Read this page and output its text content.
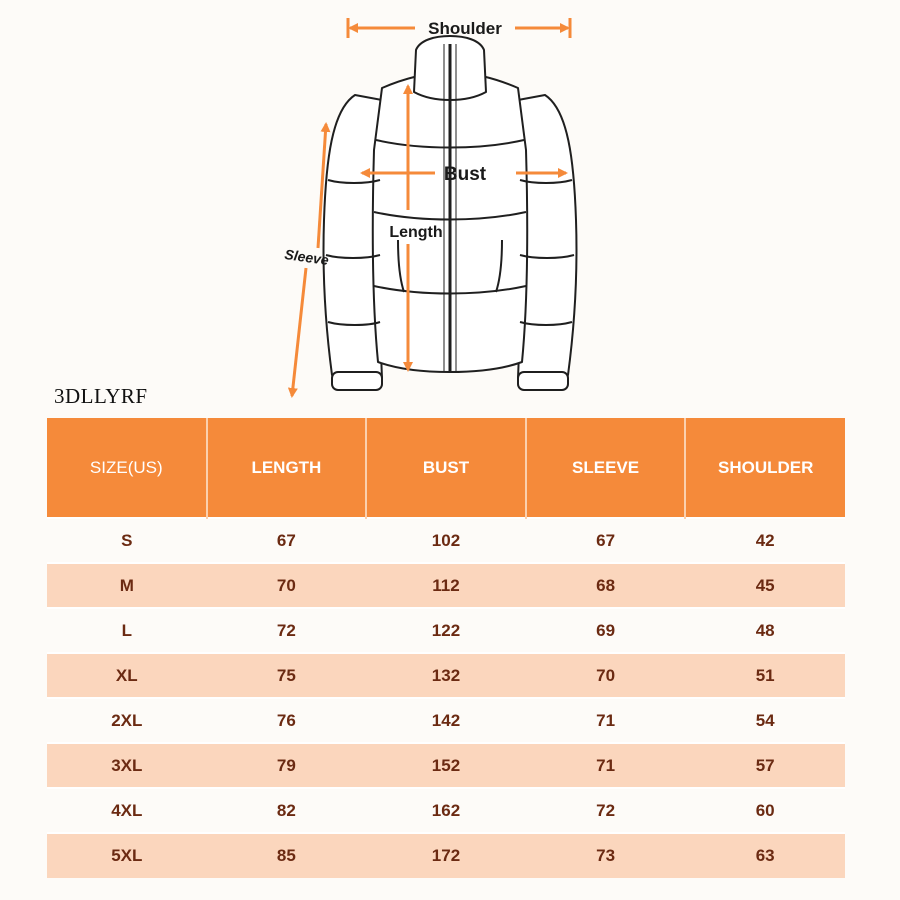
Shoulder
Bust
Length
Sleeve
3DLLYRF
SIZE(US)	LENGTH	BUST	SLEEVE	SHOULDER
S	67	102	67	42
M	70	112	68	45
L	72	122	69	48
XL	75	132	70	51
2XL	76	142	71	54
3XL	79	152	71	57
4XL	82	162	72	60
5XL	85	172	73	63
